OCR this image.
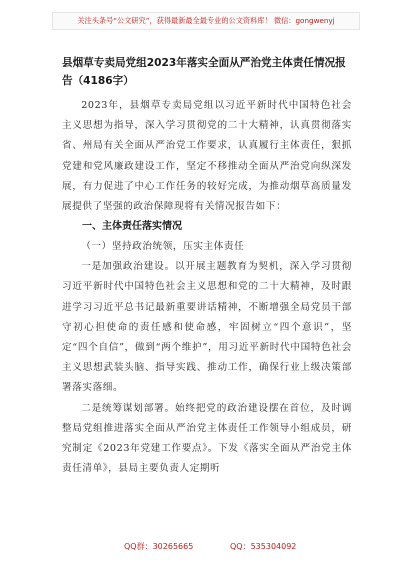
关注头条号“公文研究”，获得最新最全最专业的公文资料库！ 微信：gongwenyj

县烟草专卖局党组2023年落实全面从严治党主体责任情况报告（4186字）

2023年，县烟草专卖局党组以习近平新时代中国特色社会主义思想为指导，深入学习贯彻党的二十大精神，认真贯彻落实省、州局有关全面从严治党工作要求，认真履行主体责任，狠抓党建和党风廉政建设工作，坚定不移推动全面从严治党向纵深发展，有力促进了中心工作任务的较好完成，为推动烟草高质量发展提供了坚强的政治保障现将有关情况报告如下：

一、主体责任落实情况

（一）坚持政治统领，压实主体责任

一是加强政治建设。以开展主题教育为契机，深入学习贯彻习近平新时代中国特色社会主义思想和党的二十大精神，及时跟进学习习近平总书记最新重要讲话精神，不断增强全局党员干部守初心担使命的责任感和使命感，牢固树立“四个意识”，坚定“四个自信”，做到“两个维护”，用习近平新时代中国特色社会主义思想武装头脑、指导实践、推动工作，确保行业上级决策部署落实落细。

二是统筹谋划部署。始终把党的政治建设摆在首位，及时调整局党组推进落实全面从严治党主体责任工作领导小组成员，研究制定《2023年党建工作要点》。下发《落实全面从严治党主体责任清单》，县局主要负责人定期听

QQ群：30265665	QQ：535304092
